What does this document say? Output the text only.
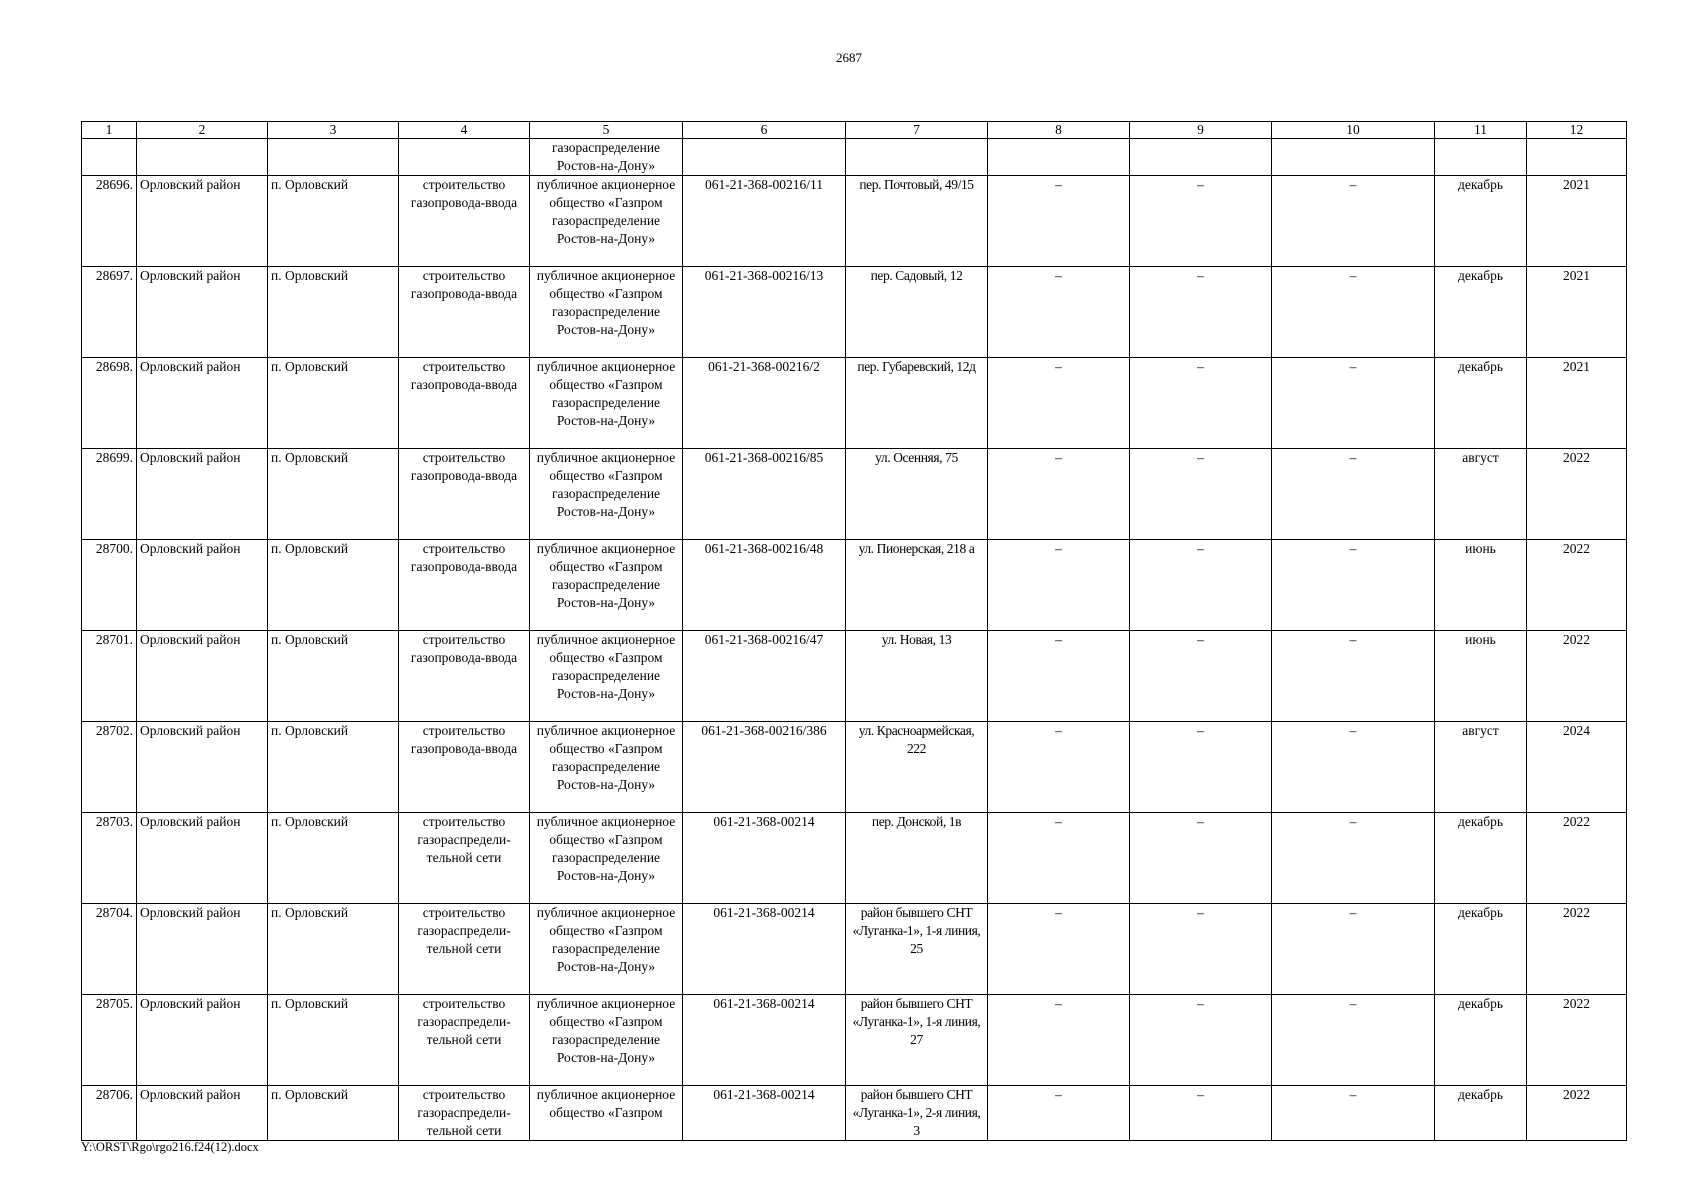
2687
1	2	3	4	5	6	7	8	9	10	11	12
				газораспределение Ростов-на-Дону»							
28696.	Орловский район	п. Орловский	строительство газопровода-ввода	публичное акционерное общество «Газпром газораспределение Ростов-на-Дону»	061-21-368-00216/11	пер. Почтовый, 49/15	–	–	–	декабрь	2021
28697.	Орловский район	п. Орловский	строительство газопровода-ввода	публичное акционерное общество «Газпром газораспределение Ростов-на-Дону»	061-21-368-00216/13	пер. Садовый, 12	–	–	–	декабрь	2021
28698.	Орловский район	п. Орловский	строительство газопровода-ввода	публичное акционерное общество «Газпром газораспределение Ростов-на-Дону»	061-21-368-00216/2	пер. Губаревский, 12д	–	–	–	декабрь	2021
28699.	Орловский район	п. Орловский	строительство газопровода-ввода	публичное акционерное общество «Газпром газораспределение Ростов-на-Дону»	061-21-368-00216/85	ул. Осенняя, 75	–	–	–	август	2022
28700.	Орловский район	п. Орловский	строительство газопровода-ввода	публичное акционерное общество «Газпром газораспределение Ростов-на-Дону»	061-21-368-00216/48	ул. Пионерская, 218 а	–	–	–	июнь	2022
28701.	Орловский район	п. Орловский	строительство газопровода-ввода	публичное акционерное общество «Газпром газораспределение Ростов-на-Дону»	061-21-368-00216/47	ул. Новая, 13	–	–	–	июнь	2022
28702.	Орловский район	п. Орловский	строительство газопровода-ввода	публичное акционерное общество «Газпром газораспределение Ростов-на-Дону»	061-21-368-00216/386	ул. Красноармейская, 222	–	–	–	август	2024
28703.	Орловский район	п. Орловский	строительство газораспредели-тельной сети	публичное акционерное общество «Газпром газораспределение Ростов-на-Дону»	061-21-368-00214	пер. Донской, 1в	–	–	–	декабрь	2022
28704.	Орловский район	п. Орловский	строительство газораспредели-тельной сети	публичное акционерное общество «Газпром газораспределение Ростов-на-Дону»	061-21-368-00214	район бывшего СНТ «Луганка-1», 1-я линия, 25	–	–	–	декабрь	2022
28705.	Орловский район	п. Орловский	строительство газораспредели-тельной сети	публичное акционерное общество «Газпром газораспределение Ростов-на-Дону»	061-21-368-00214	район бывшего СНТ «Луганка-1», 1-я линия, 27	–	–	–	декабрь	2022
28706.	Орловский район	п. Орловский	строительство газораспредели-тельной сети	публичное акционерное общество «Газпром	061-21-368-00214	район бывшего СНТ «Луганка-1», 2-я линия, 3	–	–	–	декабрь	2022
Y:\ORST\Rgo\rgo216.f24(12).docx
